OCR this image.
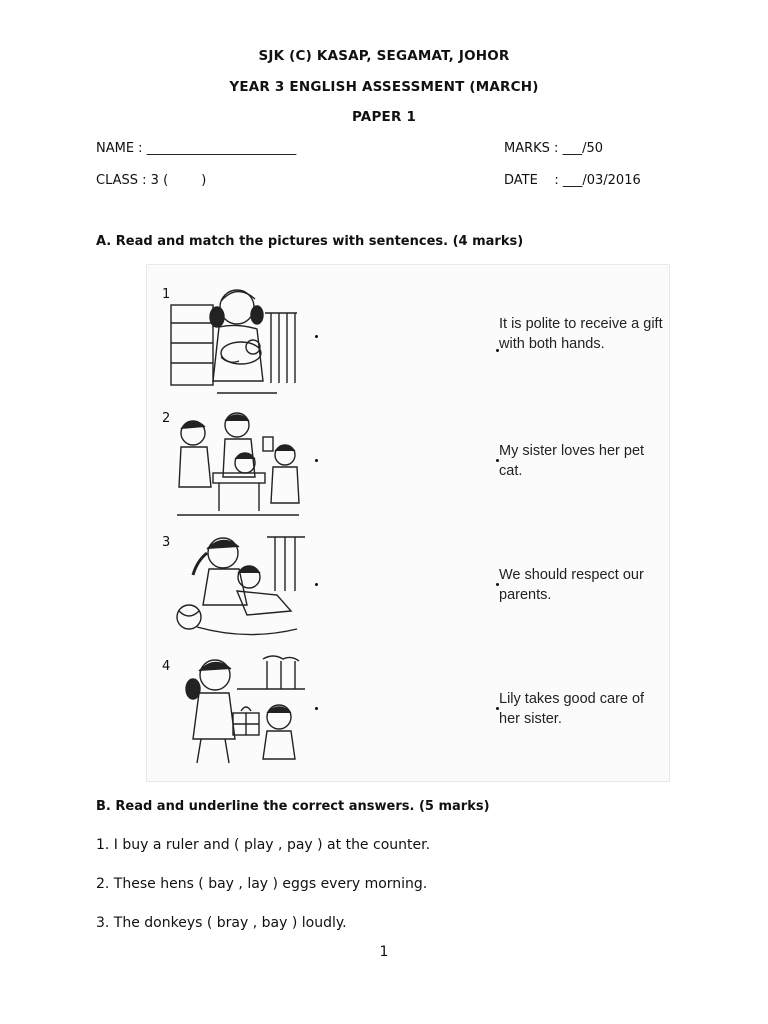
SJK (C) KASAP, SEGAMAT, JOHOR
YEAR 3 ENGLISH ASSESSMENT (MARCH)
PAPER 1
NAME : _______________________	MARKS : ___/50
CLASS : 3 (        )	DATE    : ___/03/2016
A. Read and match the pictures with sentences. (4 marks)
1
It is polite to receive a gift with both hands.
2
My sister loves her pet cat.
3
We should respect our parents.
4
Lily takes good care of her sister.
B. Read and underline the correct answers. (5 marks)
1. I buy a ruler and ( play , pay ) at the counter.
2. These hens ( bay , lay ) eggs every morning.
3. The donkeys ( bray , bay ) loudly.
1
